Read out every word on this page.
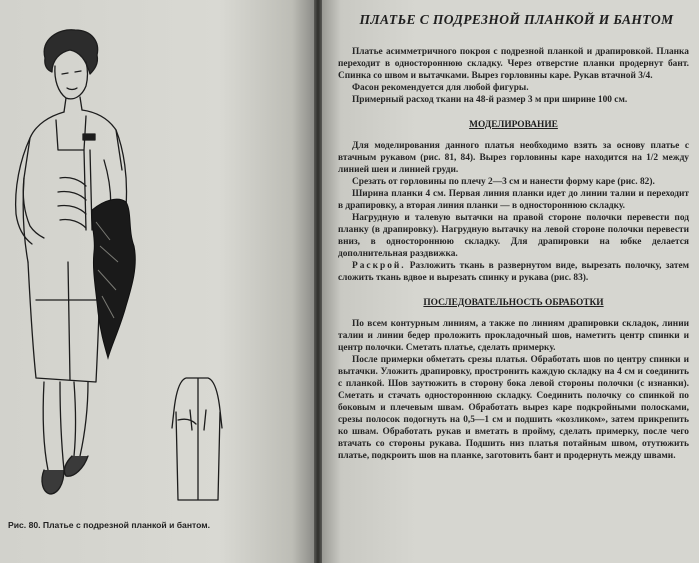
Рис. 80. Платье с подрезной планкой и бантом.
ПЛАТЬЕ С ПОДРЕЗНОЙ ПЛАНКОЙ И БАНТОМ

Платье асимметричного покроя с подрезной планкой и драпировкой. Планка переходит в одностороннюю складку. Через отверстие планки продернут бант. Спинка со швом и вытачками. Вырез горловины каре. Рукав втачной 3/4.

Фасон рекомендуется для любой фигуры.

Примерный расход ткани на 48-й размер 3 м при ширине 100 см.

МОДЕЛИРОВАНИЕ

Для моделирования данного платья необходимо взять за основу платье с втачным рукавом (рис. 81, 84). Вырез горловины каре находится на 1/2 между линией шеи и линией груди.

Срезать от горловины по плечу 2—3 см и нанести форму каре (рис. 82).

Ширина планки 4 см. Первая линия планки идет до линии талии и переходит в драпировку, а вторая линия планки — в одностороннюю складку.

Нагрудную и талевую вытачки на правой стороне полочки перевести под планку (в драпировку). Нагрудную вытачку на левой стороне полочки перевести вниз, в одностороннюю складку. Для драпировки на юбке делается дополнительная раздвижка.

Раскрой. Разложить ткань в развернутом виде, вырезать полочку, затем сложить ткань вдвое и вырезать спинку и рукава (рис. 83).

ПОСЛЕДОВАТЕЛЬНОСТЬ ОБРАБОТКИ

По всем контурным линиям, а также по линиям драпировки складок, линии талии и линии бедер проложить прокладочный шов, наметить центр спинки и центр полочки. Сметать платье, сделать примерку.

После примерки обметать срезы платья. Обработать шов по центру спинки и вытачки. Уложить драпировку, простронить каждую складку на 4 см и соединить с планкой. Шов заутюжить в сторону бока левой стороны полочки (с изнанки). Сметать и стачать одностороннюю складку. Соединить полочку со спинкой по боковым и плечевым швам. Обработать вырез каре подкройными полосками, срезы полосок подогнуть на 0,5—1 см и подшить «козликом», затем прикрепить ко швам. Обработать рукав и вметать в пройму, сделать примерку, после чего втачать со стороны рукава. Подшить низ платья потайным швом, отутюжить платье, подкроить шов на планке, заготовить бант и продернуть между швами.
